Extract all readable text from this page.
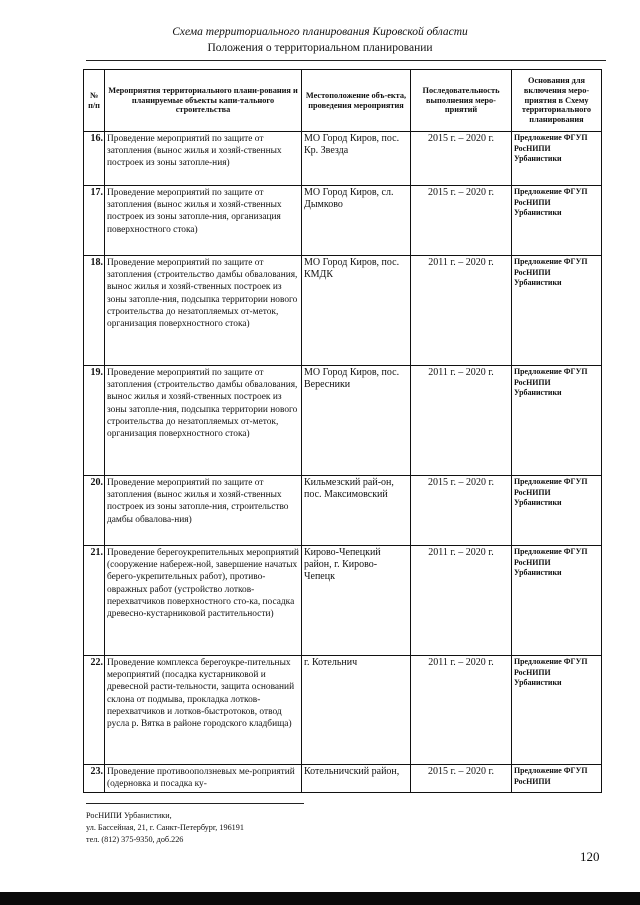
Схема территориального планирования Кировской области
Положения о территориальном планировании
№ п/п	Мероприятия территориального плани-рования и планируемые объекты капи-тального строительства	Местоположение объ-екта, проведения мероприятия	Последовательность выполнения меро-приятий	Основания для включения меро-приятия в Схему территориального планирования
16.	Проведение мероприятий по защите от затопления (вынос жилья и хозяй-ственных построек из зоны затопле-ния)	МО Город Киров, пос. Кр. Звезда	2015 г. – 2020 г.	Предложение ФГУП РосНИПИ Урбанистики
17.	Проведение мероприятий по защите от затопления (вынос жилья и хозяй-ственных построек из зоны затопле-ния, организация поверхностного стока)	МО Город Киров, сл. Дымково	2015 г. – 2020 г.	Предложение ФГУП РосНИПИ Урбанистики
18.	Проведение мероприятий по защите от затопления (строительство дамбы обвалования, вынос жилья и хозяй-ственных построек из зоны затопле-ния, подсыпка территории нового строительства до незатопляемых от-меток, организация поверхностного стока)	МО Город Киров, пос. КМДК	2011 г. – 2020 г.	Предложение ФГУП РосНИПИ Урбанистики
19.	Проведение мероприятий по защите от затопления (строительство дамбы обвалования, вынос жилья и хозяй-ственных построек из зоны затопле-ния, подсыпка территории нового строительства до незатопляемых от-меток, организация поверхностного стока)	МО Город Киров, пос. Вересники	2011 г. – 2020 г.	Предложение ФГУП РосНИПИ Урбанистики
20.	Проведение мероприятий по защите от затопления (вынос жилья и хозяй-ственных построек из зоны затопле-ния, строительство дамбы обвалова-ния)	Кильмезский рай-он, пос. Максимовский	2015 г. – 2020 г.	Предложение ФГУП РосНИПИ Урбанистики
21.	Проведение берегоукрепительных мероприятий (сооружение набереж-ной, завершение начатых берего-укрепительных работ), противо-овражных работ (устройство лотков-перехватчиков поверхностного сто-ка, посадка древесно-кустарниковой растительности)	Кирово-Чепецкий район, г. Кирово-Чепецк	2011 г. – 2020 г.	Предложение ФГУП РосНИПИ Урбанистики
22.	Проведение комплекса берегоукре-пительных мероприятий (посадка кустарниковой и древесной расти-тельности, защита оснований склона от подмыва, прокладка лотков-перехватчиков и лотков-быстротоков, отвод русла р. Вятка в районе городского кладбища)	г. Котельнич	2011 г. – 2020 г.	Предложение ФГУП РосНИПИ Урбанистики
23.	Проведение противооползневых ме-роприятий (одерновка и посадка ку-	Котельничский район,	2015 г. – 2020 г.	Предложение ФГУП РосНИПИ
РосНИПИ Урбанистики,
ул. Бассейная, 21, г. Санкт-Петербург, 196191
тел. (812) 375-9350, доб.226
120
